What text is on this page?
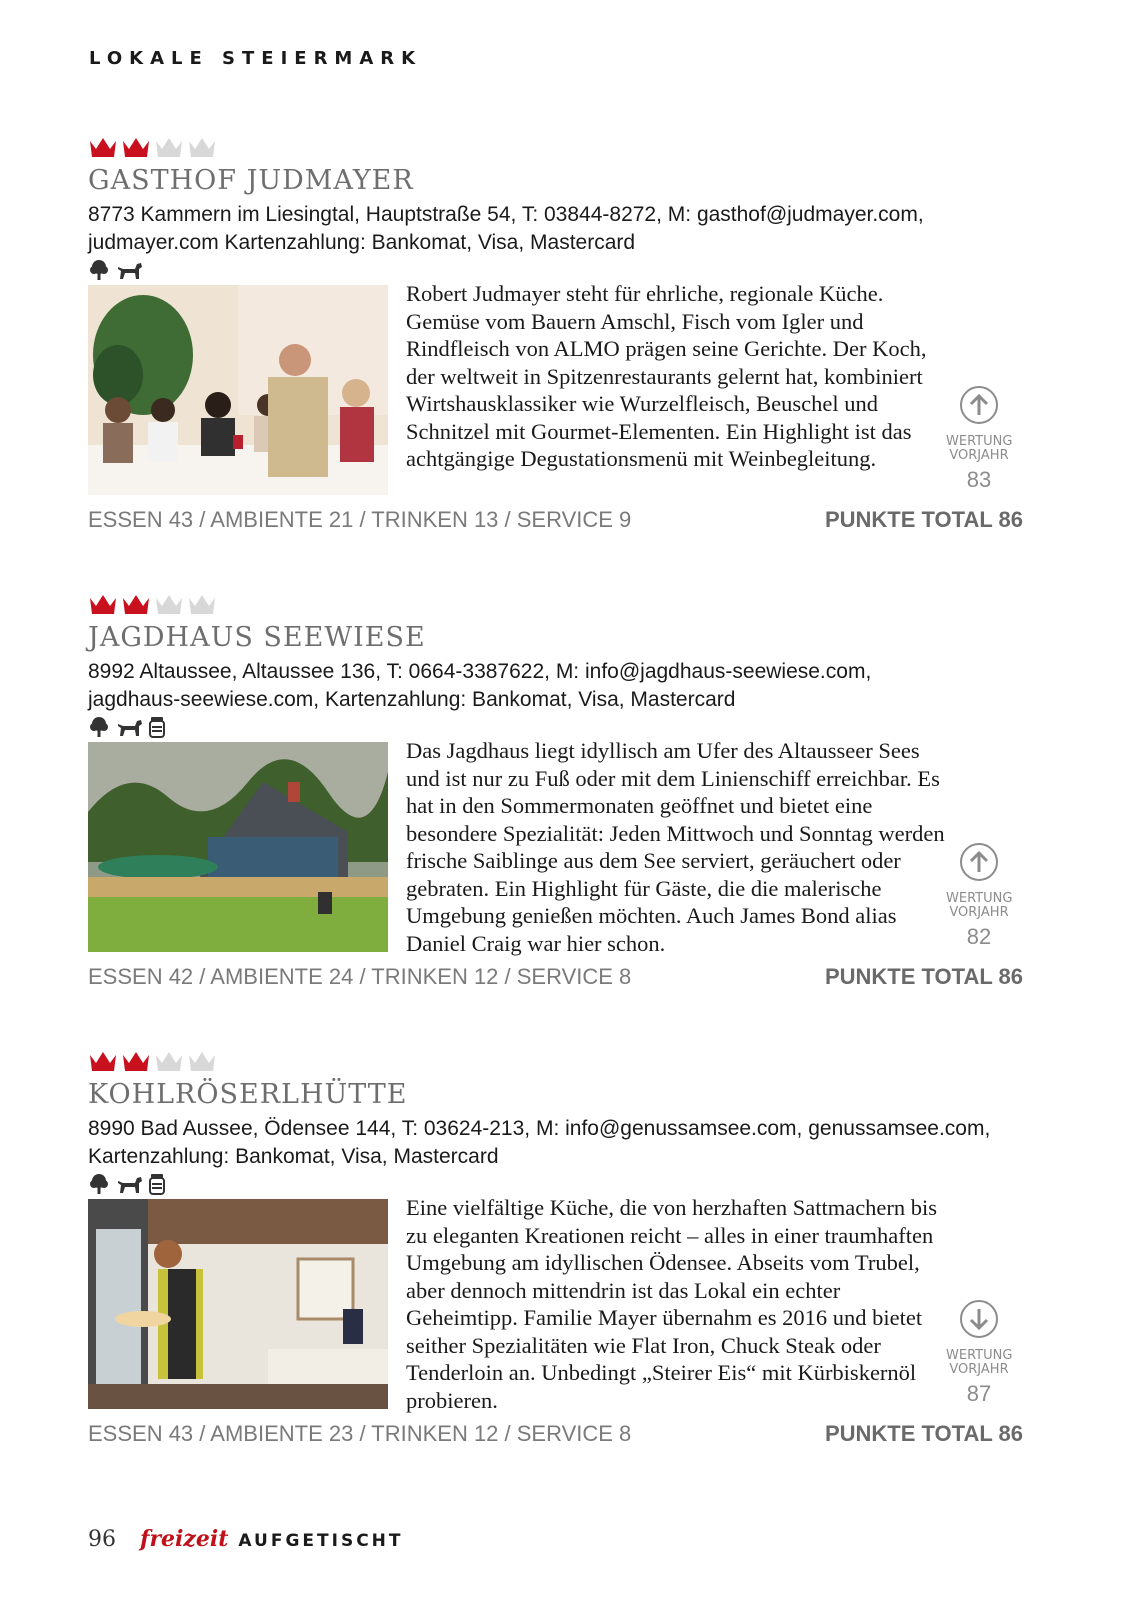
LOKALE STEIERMARK
GASTHOF JUDMAYER
8773 Kammern im Liesingtal, Hauptstraße 54, T: 03844-8272, M: gasthof@judmayer.com,
judmayer.com Kartenzahlung: Bankomat, Visa, Mastercard
Robert Judmayer steht für ehrliche, regionale Küche. Gemüse vom Bauern Amschl, Fisch vom Igler und Rindfleisch von ALMO prägen seine Gerichte. Der Koch, der weltweit in Spitzenrestaurants gelernt hat, kombiniert Wirtshausklassiker wie Wurzelfleisch, Beuschel und Schnitzel mit Gourmet-Elementen. Ein Highlight ist das achtgängige Degustationsmenü mit Weinbegleitung.
WERTUNG
VORJAHR
83
ESSEN 43 / AMBIENTE 21 / TRINKEN 13 / SERVICE 9	PUNKTE TOTAL 86
JAGDHAUS SEEWIESE
8992 Altaussee, Altaussee 136, T: 0664-3387622, M: info@jagdhaus-seewiese.com,
jagdhaus-seewiese.com, Kartenzahlung: Bankomat, Visa, Mastercard
Das Jagdhaus liegt idyllisch am Ufer des Altausseer Sees und ist nur zu Fuß oder mit dem Linienschiff erreichbar. Es hat in den Sommermonaten geöffnet und bietet eine besondere Spezialität: Jeden Mittwoch und Sonntag werden frische Saiblinge aus dem See serviert, geräuchert oder gebraten. Ein Highlight für Gäste, die die malerische Umgebung genießen möchten. Auch James Bond alias Daniel Craig war hier schon.
WERTUNG
VORJAHR
82
ESSEN 42 / AMBIENTE 24 / TRINKEN 12 / SERVICE 8	PUNKTE TOTAL 86
KOHLRÖSERLHÜTTE
8990 Bad Aussee, Ödensee 144, T: 03624-213, M: info@genussamsee.com, genussamsee.com,
Kartenzahlung: Bankomat, Visa, Mastercard
Eine vielfältige Küche, die von herzhaften Sattmachern bis zu eleganten Kreationen reicht – alles in einer traumhaften Umgebung am idyllischen Ödensee. Abseits vom Trubel, aber dennoch mittendrin ist das Lokal ein echter Geheimtipp. Familie Mayer übernahm es 2016 und bietet seither Spezialitäten wie Flat Iron, Chuck Steak oder Tenderloin an. Unbedingt „Steirer Eis“ mit Kürbiskernöl probieren.
WERTUNG
VORJAHR
87
ESSEN 43 / AMBIENTE 23 / TRINKEN 12 / SERVICE 8	PUNKTE TOTAL 86
96 freizeit AUFGETISCHT
